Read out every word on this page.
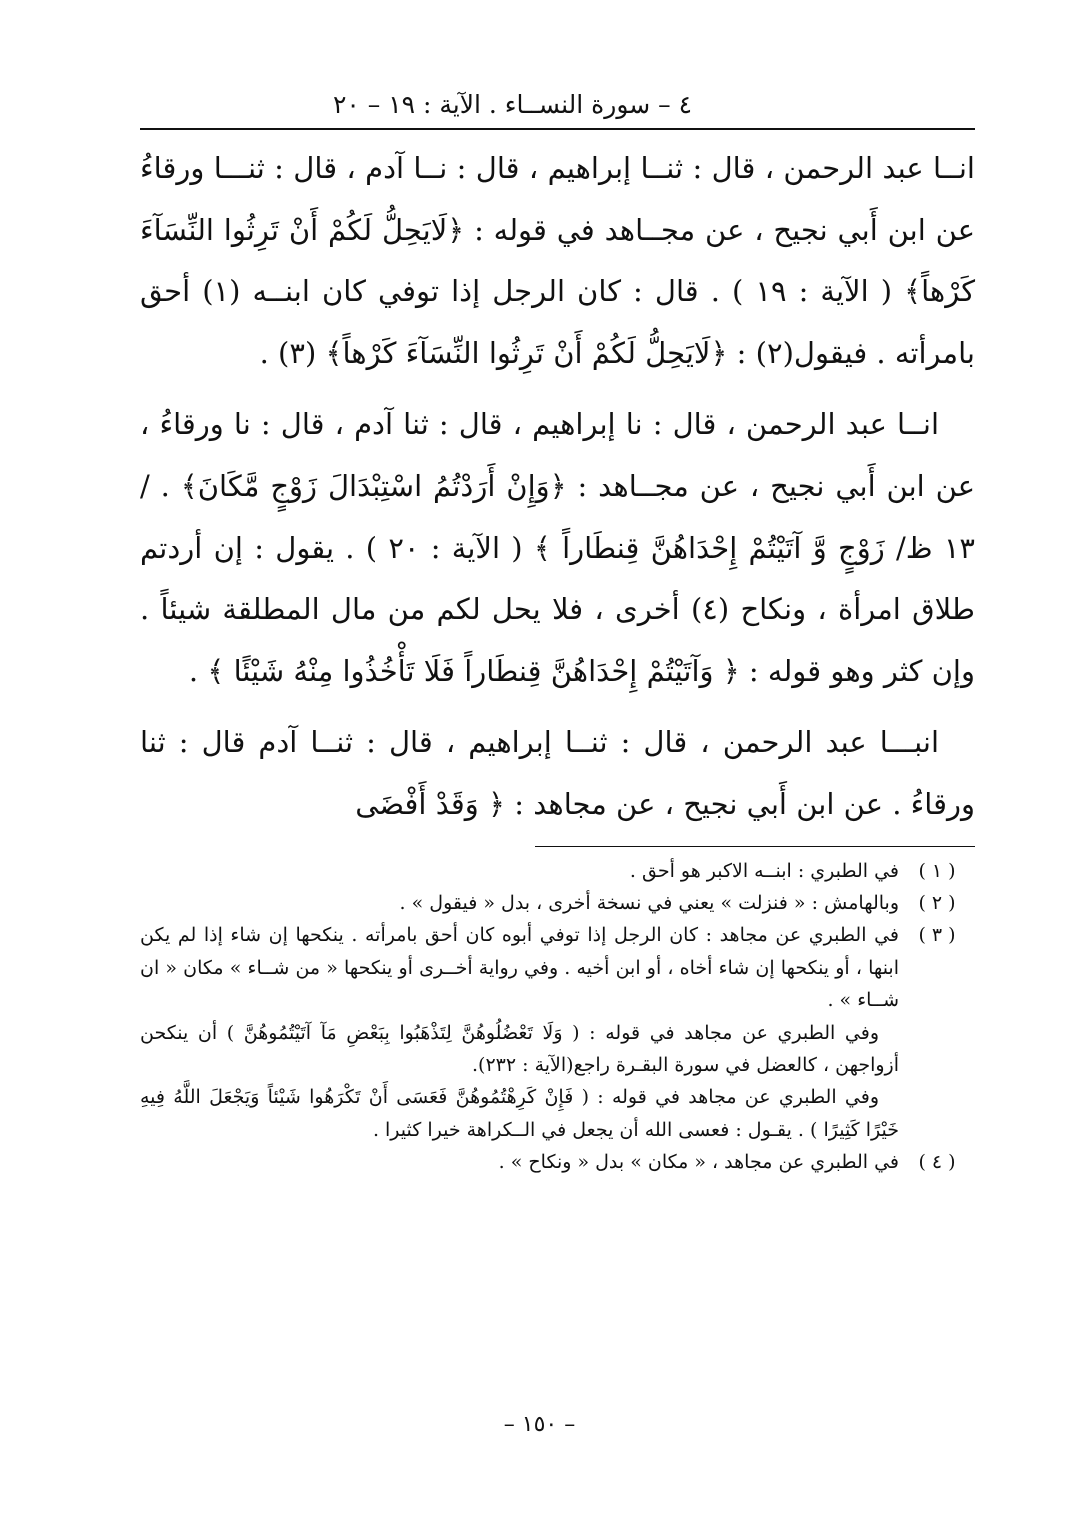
٤ – سورة النســاء . الآية : ١٩ – ٢٠

انــا عبد الرحمن ، قال : ثنــا إبراهيم ، قال : نــا آدم ، قال : ثنـــا ورقاءُ عن ابن أَبي نجيح ، عن مجــاهد في قوله : ﴿لَايَحِلُّ لَكُمْ أَنْ تَرِثُوا النِّسَآءَ كَرْهاً﴾ ( الآية : ١٩ ) . قال : كان الرجل إذا توفي كان ابنــه (١) أحق بامرأته . فيقول(٢) : ﴿لَايَحِلُّ لَكُمْ أَنْ تَرِثُوا النِّسَآءَ كَرْهاً﴾ (٣) .

انــا عبد الرحمن ، قال : نا إبراهيم ، قال : ثنا آدم ، قال : نا ورقاءُ ، عن ابن أَبي نجيح ، عن مجــاهد : ﴿وَإِنْ أَرَدْتُمُ اسْتِبْدَالَ زَوْجٍ مَّكَانَ﴾ . /١٣ ظ/ زَوْجٍ وَّ آتَيْتُمْ إِحْدَاهُنَّ قِنطَاراً ﴾ ( الآية : ٢٠ ) . يقول : إن أردتم طلاق امرأة ، ونكاح (٤) أخرى ، فلا يحل لكم من مال المطلقة شيئاً . وإن كثر وهو قوله : ﴿ وَآتَيْتُمْ إِحْدَاهُنَّ قِنطَاراً فَلَا تَأْخُذُوا مِنْهُ شَيْئًا ﴾ .

انبـــا عبد الرحمن ، قال : ثنــا إبراهيم ، قال : ثنــا آدم قال : ثنا ورقاءُ . عن ابن أَبي نجيح ، عن مجاهد : ﴿ وَقَدْ أَفْضَى

( ١ )

في الطبري : ابنــه الاكبر هو أحق .

( ٢ )

وبالهامش : « فنزلت » يعني في نسخة أخرى ، بدل « فيقول » .

( ٣ )

في الطبري عن مجاهد : كان الرجل إذا توفي أبوه كان أحق بامرأته . ينكحها إن شاء إذا لم يكن ابنها ، أو ينكحها إن شاء أخاه ، أو ابن أخيه . وفي رواية أخــرى أو ينكحها « من شــاء » مكان « ان شــاء » .

وفي الطبري عن مجاهد في قوله : ( وَلَا تَعْضُلُوهُنَّ لِتَذْهَبُوا بِبَعْضِ مَآ آتَيْتُمُوهُنَّ ) أن ينكحن أزواجهن ، كالعضل في سورة البقـرة راجع(الآية : ٢٣٢).

وفي الطبري عن مجاهد في قوله : ( فَإِنْ كَرِهْتُمُوهُنَّ فَعَسَى أَنْ تَكْرَهُوا شَيْئاً وَيَجْعَلَ اللَّهُ فِيهِ خَيْرًا كَثِيرًا ) . يقـول : فعسى الله أن يجعل في الــكراهة خيرا كثيرا .

( ٤ )

في الطبري عن مجاهد ، « مكان » بدل « ونكاح » .

– ١٥٠ –
